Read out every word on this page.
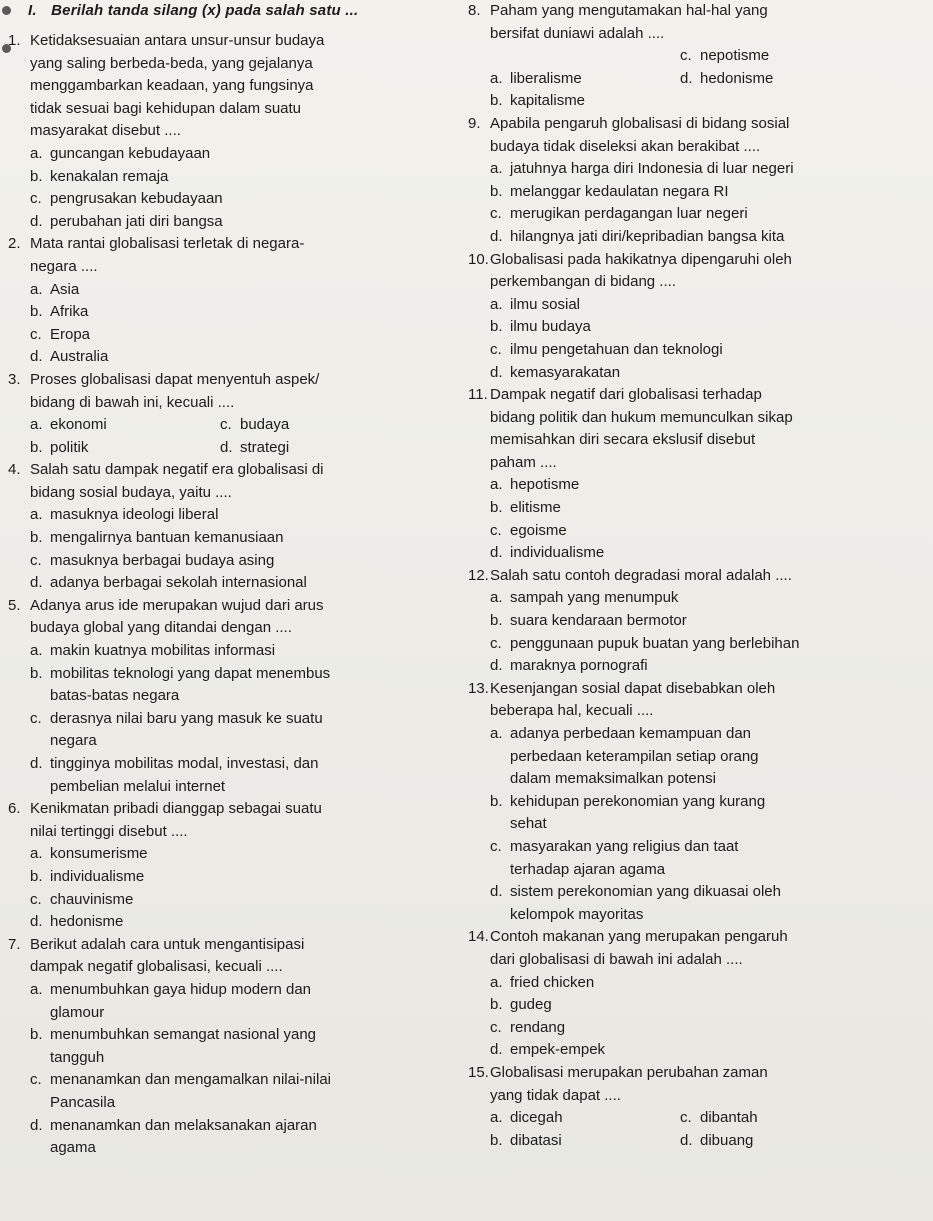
I. Berilah tanda silang (x) pada salah satu ...
1. Ketidaksesuaian antara unsur-unsur budaya
yang saling berbeda-beda, yang gejalanya
menggambarkan keadaan, yang fungsinya
tidak sesuai bagi kehidupan dalam suatu
masyarakat disebut ....
a. guncangan kebudayaan
b. kenakalan remaja
c. pengrusakan kebudayaan
d. perubahan jati diri bangsa
2. Mata rantai globalisasi terletak di negara-
negara ....
a. Asia
b. Afrika
c. Eropa
d. Australia
3. Proses globalisasi dapat menyentuh aspek/
bidang di bawah ini, kecuali ....
a. ekonomi	c. budaya
b. politik	d. strategi
4. Salah satu dampak negatif era globalisasi di
bidang sosial budaya, yaitu ....
a. masuknya ideologi liberal
b. mengalirnya bantuan kemanusiaan
c. masuknya berbagai budaya asing
d. adanya berbagai sekolah internasional
5. Adanya arus ide merupakan wujud dari arus
budaya global yang ditandai dengan ....
a. makin kuatnya mobilitas informasi
b. mobilitas teknologi yang dapat menembus
batas-batas negara
c. derasnya nilai baru yang masuk ke suatu
negara
d. tingginya mobilitas modal, investasi, dan
pembelian melalui internet
6. Kenikmatan pribadi dianggap sebagai suatu
nilai tertinggi disebut ....
a. konsumerisme
b. individualisme
c. chauvinisme
d. hedonisme
7. Berikut adalah cara untuk mengantisipasi
dampak negatif globalisasi, kecuali ....
a. menumbuhkan gaya hidup modern dan
glamour
b. menumbuhkan semangat nasional yang
tangguh
c. menanamkan dan mengamalkan nilai-nilai
Pancasila
d. menanamkan dan melaksanakan ajaran
agama
8. Paham yang mengutamakan hal-hal yang
bersifat duniawi adalah ....
c. nepotisme
a. liberalisme	d. hedonisme
b. kapitalisme
9. Apabila pengaruh globalisasi di bidang sosial
budaya tidak diseleksi akan berakibat ....
a. jatuhnya harga diri Indonesia di luar negeri
b. melanggar kedaulatan negara RI
c. merugikan perdagangan luar negeri
d. hilangnya jati diri/kepribadian bangsa kita
10. Globalisasi pada hakikatnya dipengaruhi oleh
perkembangan di bidang ....
a. ilmu sosial
b. ilmu budaya
c. ilmu pengetahuan dan teknologi
d. kemasyarakatan
11. Dampak negatif dari globalisasi terhadap
bidang politik dan hukum memunculkan sikap
memisahkan diri secara ekslusif disebut
paham ....
a. hepotisme
b. elitisme
c. egoisme
d. individualisme
12. Salah satu contoh degradasi moral adalah ....
a. sampah yang menumpuk
b. suara kendaraan bermotor
c. penggunaan pupuk buatan yang berlebihan
d. maraknya pornografi
13. Kesenjangan sosial dapat disebabkan oleh
beberapa hal, kecuali ....
a. adanya perbedaan kemampuan dan
perbedaan keterampilan setiap orang
dalam memaksimalkan potensi
b. kehidupan perekonomian yang kurang
sehat
c. masyarakan yang religius dan taat
terhadap ajaran agama
d. sistem perekonomian yang dikuasai oleh
kelompok mayoritas
14. Contoh makanan yang merupakan pengaruh
dari globalisasi di bawah ini adalah ....
a. fried chicken
b. gudeg
c. rendang
d. empek-empek
15. Globalisasi merupakan perubahan zaman
yang tidak dapat ....
a. dicegah	c. dibantah
b. dibatasi	d. dibuang
